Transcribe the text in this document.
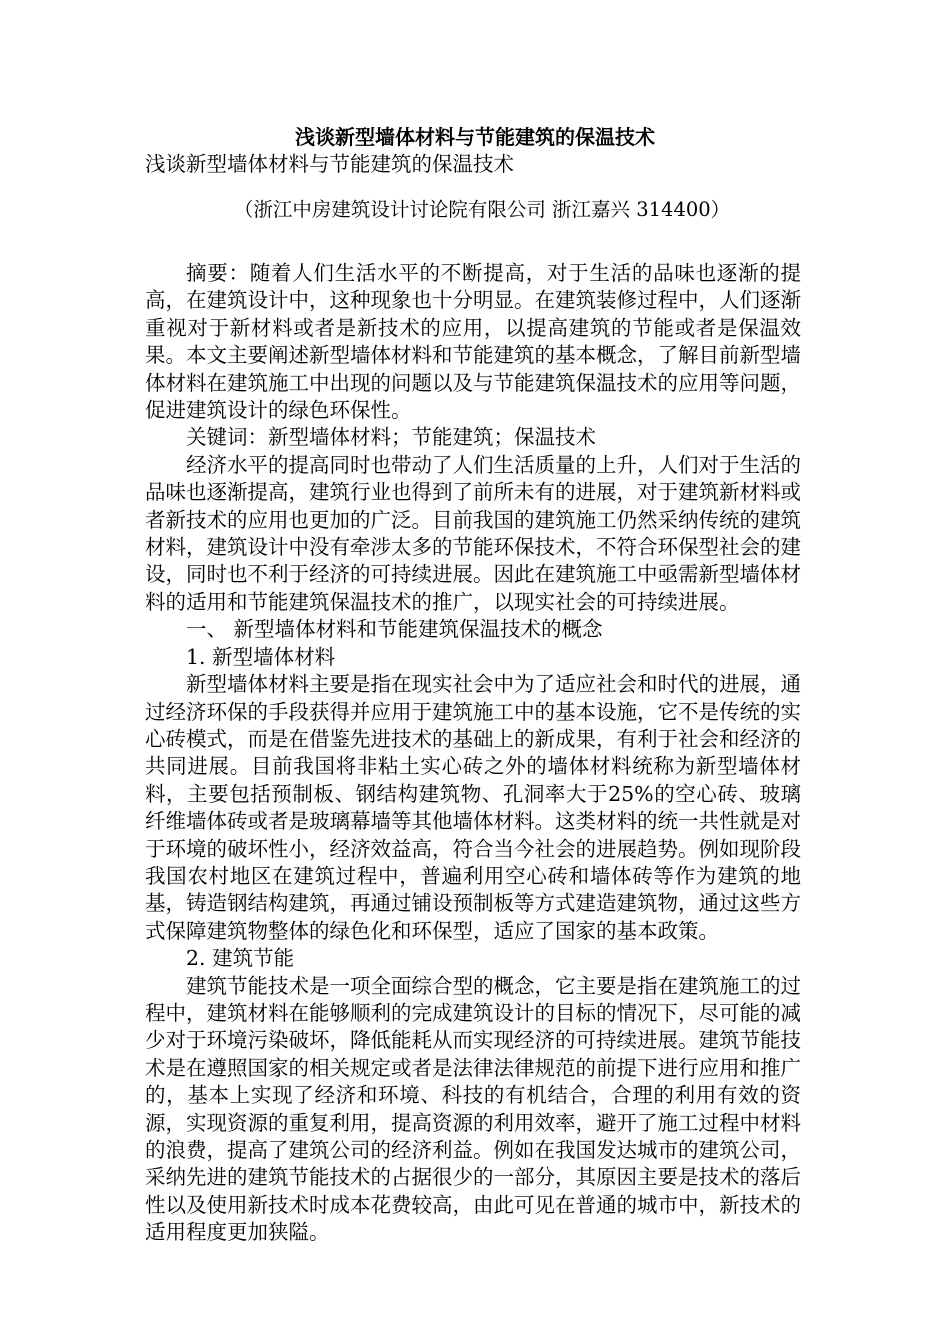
浅谈新型墙体材料与节能建筑的保温技术

浅谈新型墙体材料与节能建筑的保温技术

（浙江中房建筑设计讨论院有限公司 浙江嘉兴 314400）

摘要：随着人们生活水平的不断提高，对于生活的品味也逐渐的提高，在建筑设计中，这种现象也十分明显。在建筑装修过程中，人们逐渐重视对于新材料或者是新技术的应用，以提高建筑的节能或者是保温效果。本文主要阐述新型墙体材料和节能建筑的基本概念，了解目前新型墙体材料在建筑施工中出现的问题以及与节能建筑保温技术的应用等问题，促进建筑设计的绿色环保性。

关键词：新型墙体材料；节能建筑；保温技术

经济水平的提高同时也带动了人们生活质量的上升，人们对于生活的品味也逐渐提高，建筑行业也得到了前所未有的进展，对于建筑新材料或者新技术的应用也更加的广泛。目前我国的建筑施工仍然采纳传统的建筑材料，建筑设计中没有牵涉太多的节能环保技术，不符合环保型社会的建设，同时也不利于经济的可持续进展。因此在建筑施工中亟需新型墙体材料的适用和节能建筑保温技术的推广，以现实社会的可持续进展。

一、 新型墙体材料和节能建筑保温技术的概念

1. 新型墙体材料

新型墙体材料主要是指在现实社会中为了适应社会和时代的进展，通过经济环保的手段获得并应用于建筑施工中的基本设施，它不是传统的实心砖模式，而是在借鉴先进技术的基础上的新成果，有利于社会和经济的共同进展。目前我国将非粘土实心砖之外的墙体材料统称为新型墙体材料，主要包括预制板、钢结构建筑物、孔洞率大于25%的空心砖、玻璃纤维墙体砖或者是玻璃幕墙等其他墙体材料。这类材料的统一共性就是对于环境的破坏性小，经济效益高，符合当今社会的进展趋势。例如现阶段我国农村地区在建筑过程中，普遍利用空心砖和墙体砖等作为建筑的地基，铸造钢结构建筑，再通过铺设预制板等方式建造建筑物，通过这些方式保障建筑物整体的绿色化和环保型，适应了国家的基本政策。

2. 建筑节能

建筑节能技术是一项全面综合型的概念，它主要是指在建筑施工的过程中，建筑材料在能够顺利的完成建筑设计的目标的情况下，尽可能的减少对于环境污染破坏，降低能耗从而实现经济的可持续进展。建筑节能技术是在遵照国家的相关规定或者是法律法律规范的前提下进行应用和推广的，基本上实现了经济和环境、科技的有机结合，合理的利用有效的资源，实现资源的重复利用，提高资源的利用效率，避开了施工过程中材料的浪费，提高了建筑公司的经济利益。例如在我国发达城市的建筑公司，采纳先进的建筑节能技术的占据很少的一部分，其原因主要是技术的落后性以及使用新技术时成本花费较高，由此可见在普通的城市中，新技术的适用程度更加狭隘。
